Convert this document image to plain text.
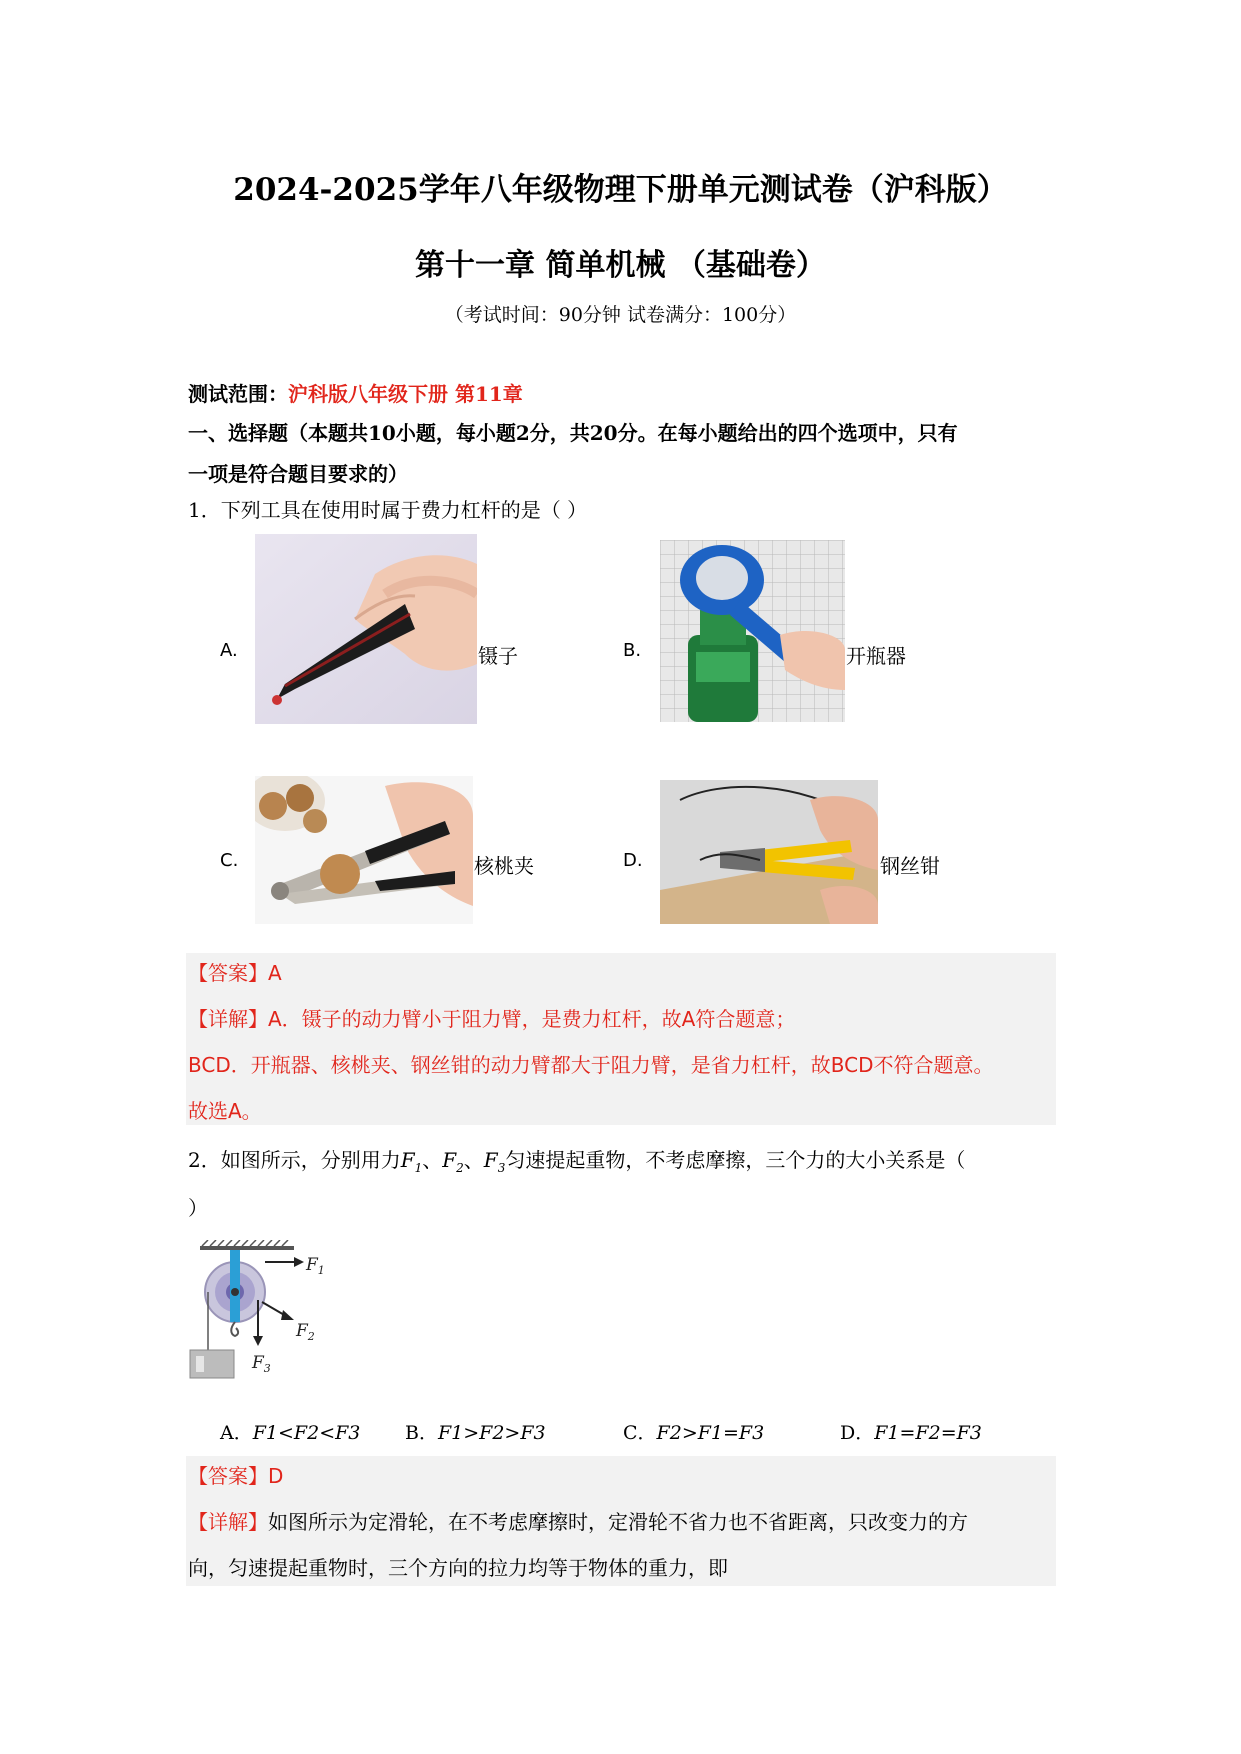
2024-2025学年八年级物理下册单元测试卷（沪科版）
第十一章 简单机械 （基础卷）
（考试时间：90分钟 试卷满分：100分）
测试范围：沪科版八年级下册 第11章
一、选择题（本题共10小题，每小题2分，共20分。在每小题给出的四个选项中，只有
一项是符合题目要求的）
1．下列工具在使用时属于费力杠杆的是（ ）
A.	镊子	B.	开瓶器
C.	核桃夹	D.	钢丝钳
【答案】A
【详解】A．镊子的动力臂小于阻力臂，是费力杠杆，故A符合题意；
BCD．开瓶器、核桃夹、钢丝钳的动力臂都大于阻力臂，是省力杠杆，故BCD不符合题意。
故选A。
2．如图所示，分别用力$F_1$、$F_2$、$F_3$匀速提起重物，不考虑摩擦，三个力的大小关系是（
）
$F_1$
$F_2$
$F_3$
A．F1<F2<F3 B．F1>F2>F3	C．F2>F1=F3	D．F1=F2=F3
【答案】D
【详解】如图所示为定滑轮，在不考虑摩擦时，定滑轮不省力也不省距离，只改变力的方
向，匀速提起重物时，三个方向的拉力均等于物体的重力，即
